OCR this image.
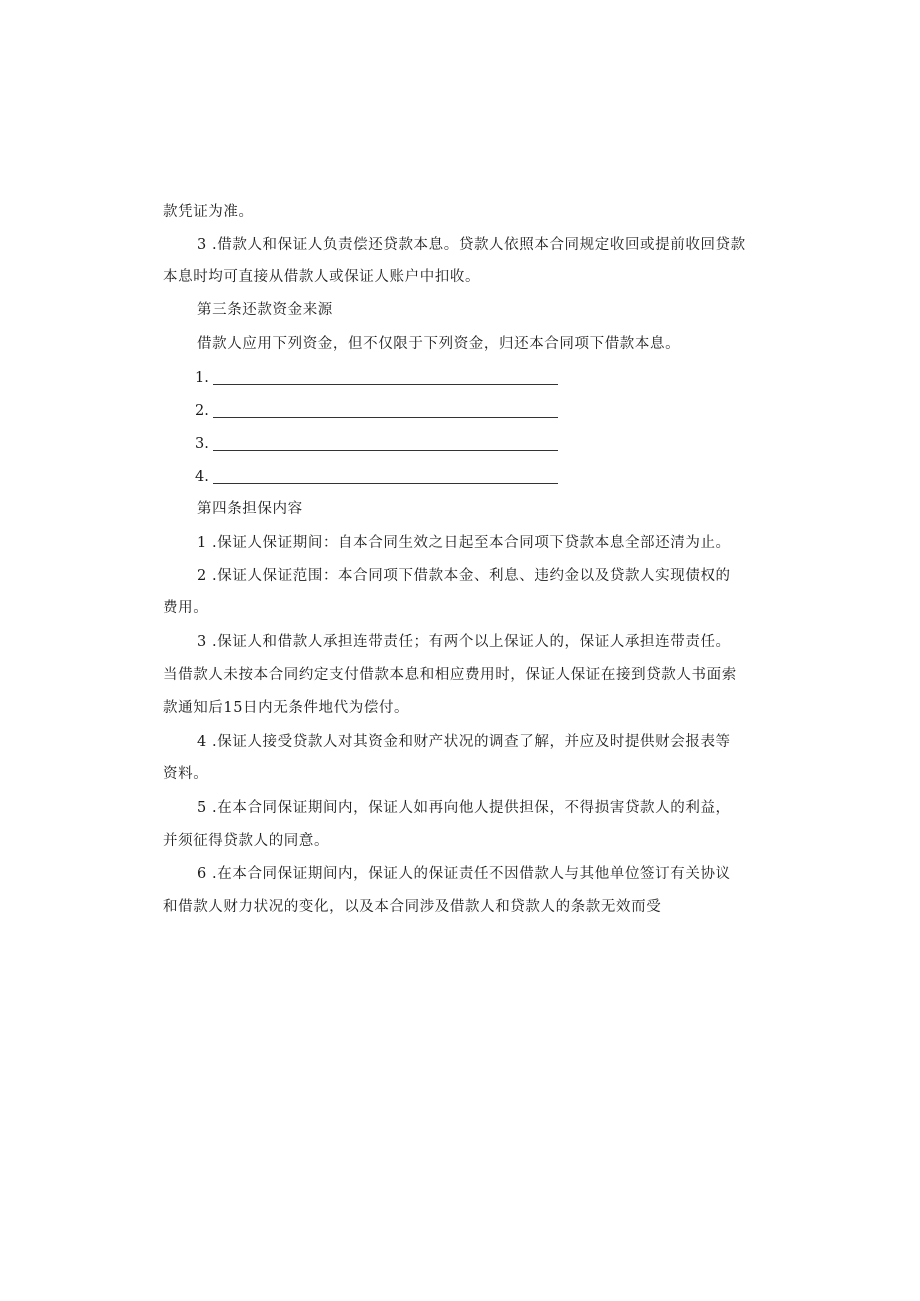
款凭证为准。
3 .借款人和保证人负责偿还贷款本息。贷款人依照本合同规定收回或提前收回贷款
本息时均可直接从借款人或保证人账户中扣收。
第三条还款资金来源
借款人应用下列资金，但不仅限于下列资金，归还本合同项下借款本息。
1.
2.
3.
4.
第四条担保内容
1 .保证人保证期间：自本合同生效之日起至本合同项下贷款本息全部还清为止。
2 .保证人保证范围：本合同项下借款本金、利息、违约金以及贷款人实现债权的
费用。
3 .保证人和借款人承担连带责任；有两个以上保证人的，保证人承担连带责任。
当借款人未按本合同约定支付借款本息和相应费用时，保证人保证在接到贷款人书面索
款通知后15日内无条件地代为偿付。
4 .保证人接受贷款人对其资金和财产状况的调查了解，并应及时提供财会报表等
资料。
5 .在本合同保证期间内，保证人如再向他人提供担保，不得损害贷款人的利益，
并须征得贷款人的同意。
6 .在本合同保证期间内，保证人的保证责任不因借款人与其他单位签订有关协议
和借款人财力状况的变化，以及本合同涉及借款人和贷款人的条款无效而受
